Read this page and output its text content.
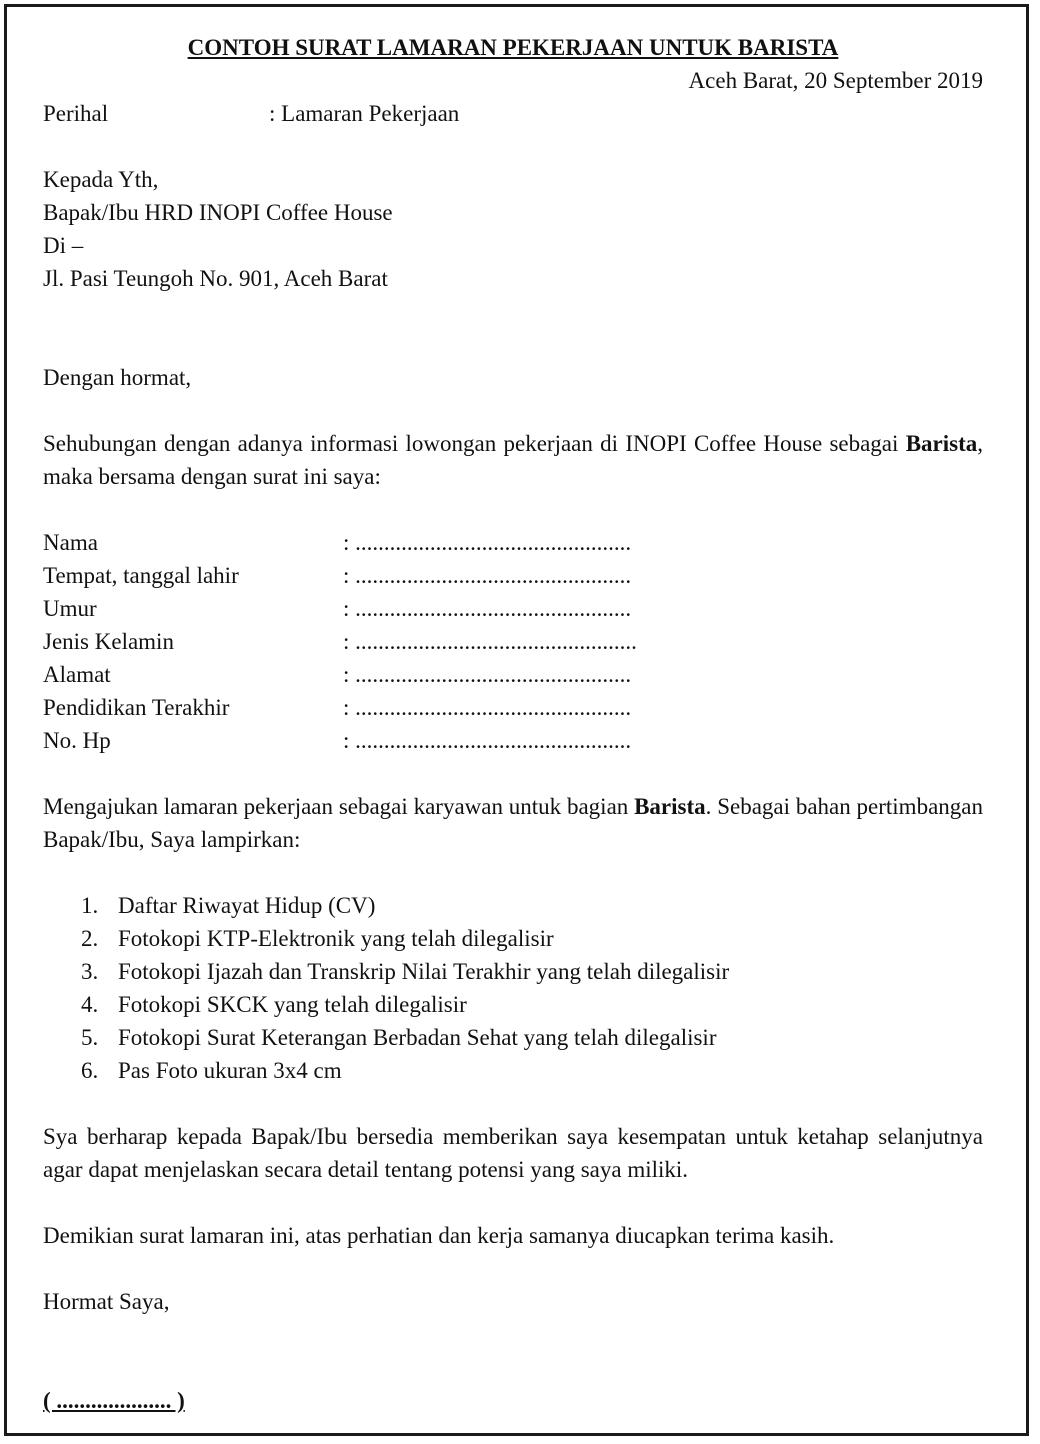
CONTOH SURAT LAMARAN PEKERJAAN UNTUK BARISTA
Aceh Barat, 20 September 2019
Perihal	: Lamaran Pekerjaan
Kepada Yth,
Bapak/Ibu HRD INOPI Coffee House
Di –
Jl. Pasi Teungoh No. 901, Aceh Barat
Dengan hormat,
Sehubungan dengan adanya informasi lowongan pekerjaan di INOPI Coffee House sebagai Barista, maka bersama dengan surat ini saya:
Nama	: ................................................
Tempat, tanggal lahir	: ................................................
Umur	: ................................................
Jenis Kelamin	: .................................................
Alamat	: ................................................
Pendidikan Terakhir	: ................................................
No. Hp	: ................................................
Mengajukan lamaran pekerjaan sebagai karyawan untuk bagian Barista. Sebagai bahan pertimbangan Bapak/Ibu, Saya lampirkan:
1. Daftar Riwayat Hidup (CV)
2. Fotokopi KTP-Elektronik yang telah dilegalisir
3. Fotokopi Ijazah dan Transkrip Nilai Terakhir yang telah dilegalisir
4. Fotokopi SKCK yang telah dilegalisir
5. Fotokopi Surat Keterangan Berbadan Sehat yang telah dilegalisir
6. Pas Foto ukuran 3x4 cm
Sya berharap kepada Bapak/Ibu bersedia memberikan saya kesempatan untuk ketahap selanjutnya agar dapat menjelaskan secara detail tentang potensi yang saya miliki.
Demikian surat lamaran ini, atas perhatian dan kerja samanya diucapkan terima kasih.
Hormat Saya,
( .................... )
